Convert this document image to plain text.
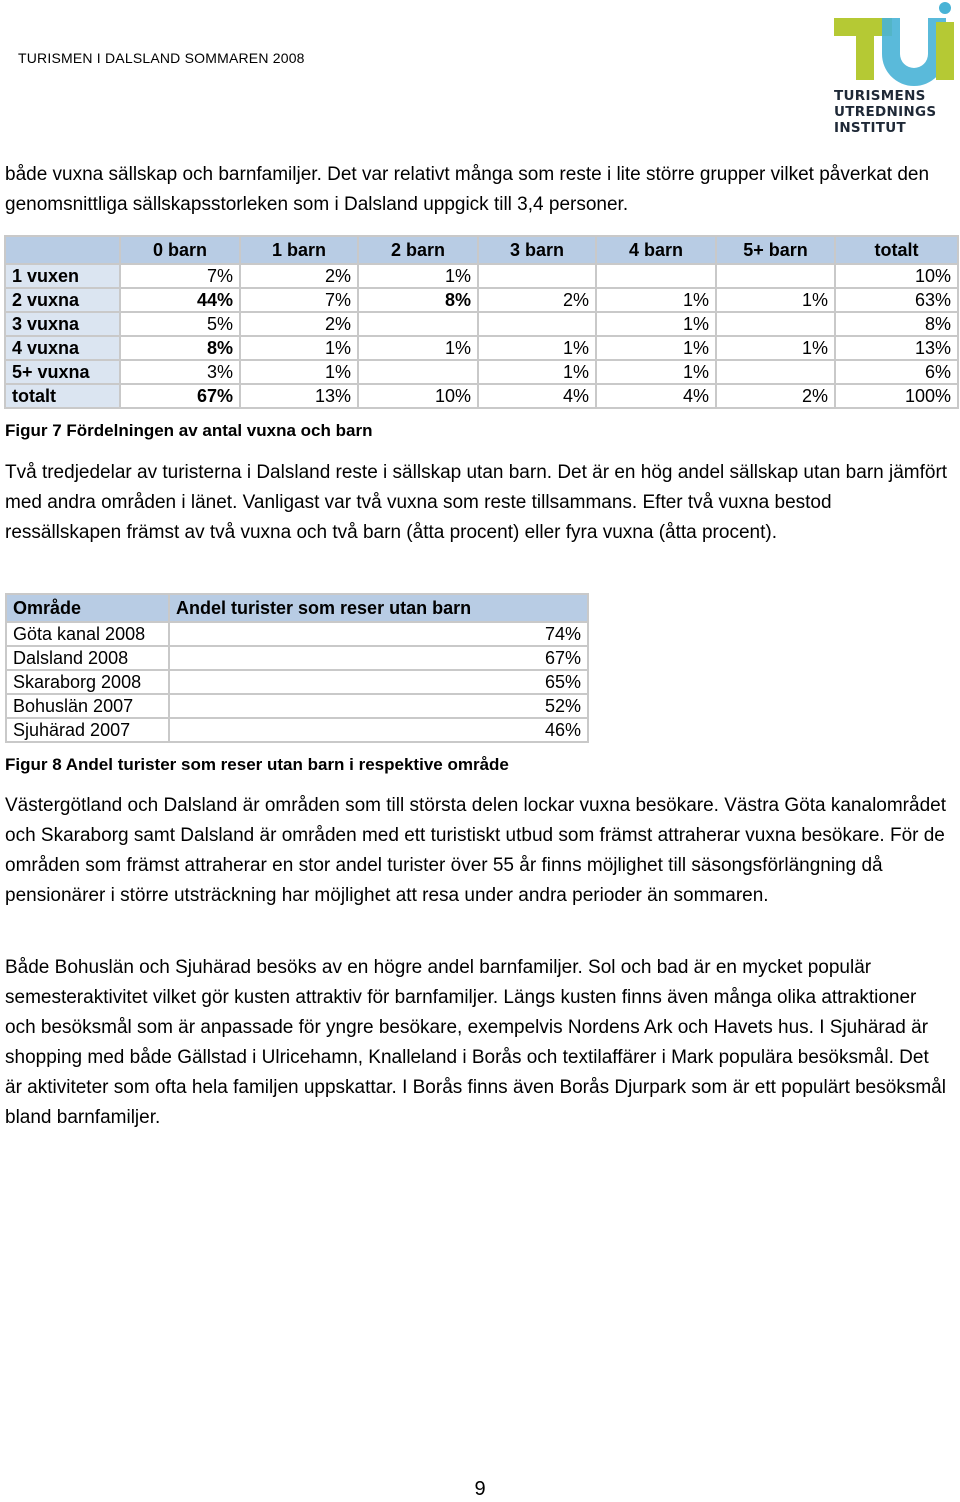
TURISMEN I DALSLAND SOMMAREN 2008
TURISMENS
UTREDNINGS
INSTITUT

både vuxna sällskap och barnfamiljer. Det var relativt många som reste i lite större grupper vilket påverkat den genomsnittliga sällskapsstorleken som i Dalsland uppgick till 3,4 personer.

	0 barn	1 barn	2 barn	3 barn	4 barn	5+ barn	totalt
1 vuxen	7%	2%	1%				10%
2 vuxna	44%	7%	8%	2%	1%	1%	63%
3 vuxna	5%	2%			1%		8%
4 vuxna	8%	1%	1%	1%	1%	1%	13%
5+ vuxna	3%	1%		1%	1%		6%
totalt	67%	13%	10%	4%	4%	2%	100%
Figur 7 Fördelningen av antal vuxna och barn

Två tredjedelar av turisterna i Dalsland reste i sällskap utan barn. Det är en hög andel sällskap utan barn jämfört med andra områden i länet. Vanligast var två vuxna som reste tillsammans. Efter två vuxna bestod ressällskapen främst av två vuxna och två barn (åtta procent) eller fyra vuxna (åtta procent).

Område	Andel turister som reser utan barn
Göta kanal 2008	74%
Dalsland 2008	67%
Skaraborg 2008	65%
Bohuslän 2007	52%
Sjuhärad 2007	46%
Figur 8 Andel turister som reser utan barn i respektive område

Västergötland och Dalsland är områden som till största delen lockar vuxna besökare. Västra Göta kanalområdet och Skaraborg samt Dalsland är områden med ett turistiskt utbud som främst attraherar vuxna besökare. För de områden som främst attraherar en stor andel turister över 55 år finns möjlighet till säsongsförlängning då pensionärer i större utsträckning har möjlighet att resa under andra perioder än sommaren.

Både Bohuslän och Sjuhärad besöks av en högre andel barnfamiljer. Sol och bad är en mycket populär semesteraktivitet vilket gör kusten attraktiv för barnfamiljer. Längs kusten finns även många olika attraktioner och besöksmål som är anpassade för yngre besökare, exempelvis Nordens Ark och Havets hus. I Sjuhärad är shopping med både Gällstad i Ulricehamn, Knalleland i Borås och textilaffärer i Mark populära besöksmål. Det är aktiviteter som ofta hela familjen uppskattar. I Borås finns även Borås Djurpark som är ett populärt besöksmål bland barnfamiljer.

9
